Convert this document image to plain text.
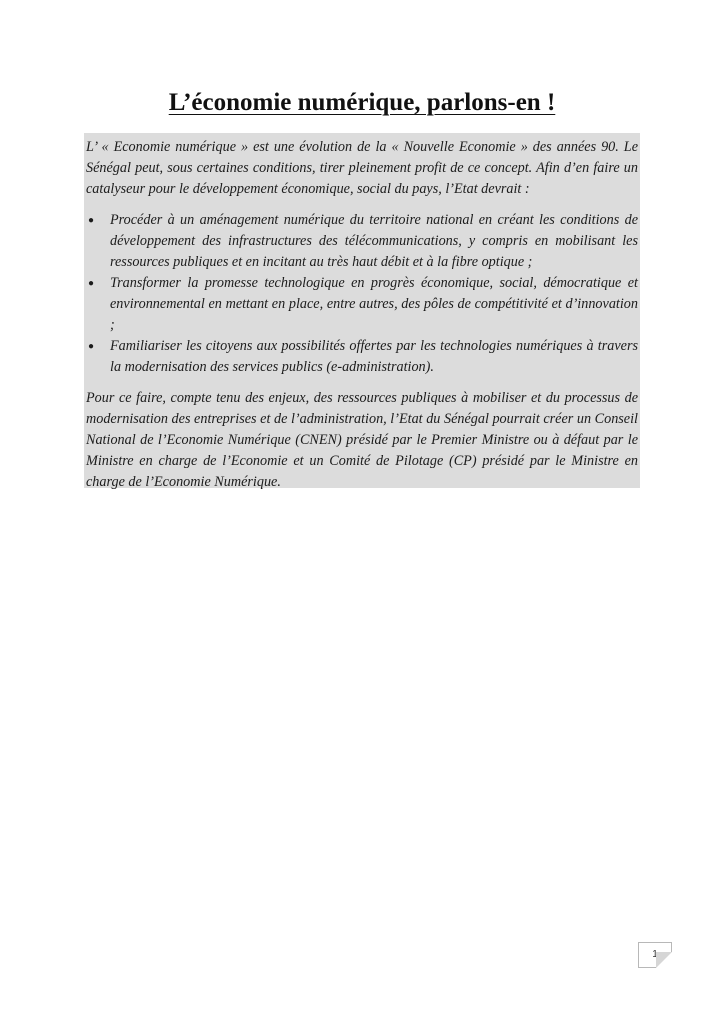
L’économie numérique, parlons-en !

L’ « Economie numérique » est une évolution de la « Nouvelle Economie » des années 90. Le Sénégal peut, sous certaines conditions, tirer pleinement profit de ce concept. Afin d’en faire un catalyseur pour le développement économique, social du pays, l’Etat devrait :

● Procéder à un aménagement numérique du territoire national en créant les conditions de développement des infrastructures des télécommunications, y compris en mobilisant les ressources publiques et en incitant au très haut débit et à la fibre optique ;
● Transformer la promesse technologique en progrès économique, social, démocratique et environnemental en mettant en place, entre autres, des pôles de compétitivité et d’innovation ;
● Familiariser les citoyens aux possibilités offertes par les technologies numériques à travers la modernisation des services publics (e-administration).

Pour ce faire, compte tenu des enjeux, des ressources publiques à mobiliser et du processus de modernisation des entreprises et de l’administration, l’Etat du Sénégal pourrait créer un Conseil National de l’Economie Numérique (CNEN) présidé par le Premier Ministre ou à défaut par le Ministre en charge de l’Economie et un Comité de Pilotage (CP) présidé par le Ministre en charge de l’Economie Numérique.

1
